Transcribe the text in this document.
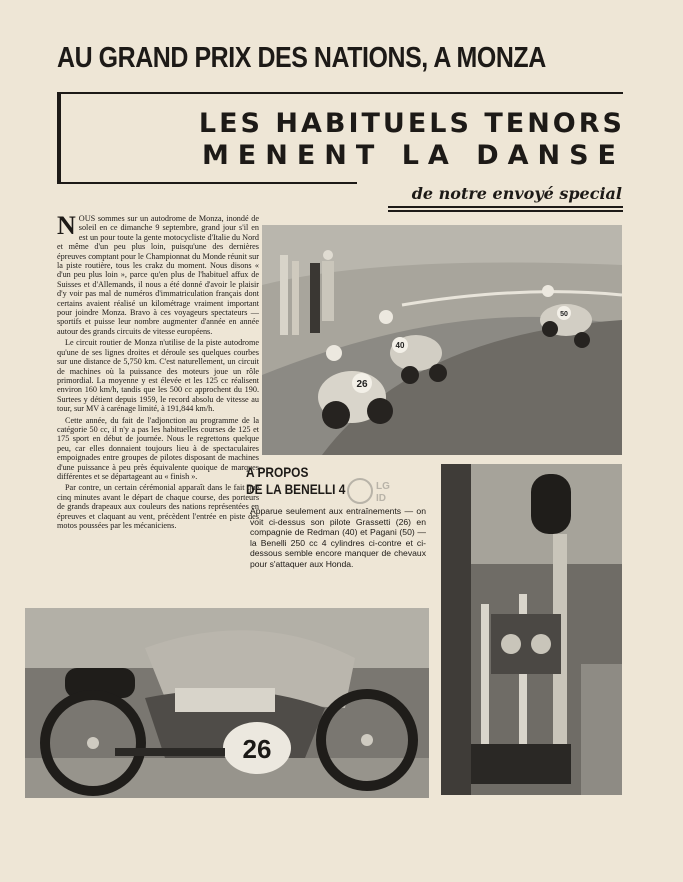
AU GRAND PRIX DES NATIONS, A MONZA
LES HABITUELS TENORS
MENENT LA DANSE
de notre envoyé special

NOUS sommes sur un autodrome de Monza, inondé de soleil en ce dimanche 9 septembre, grand jour s'il en est un pour toute la gente motocycliste d'Italie du Nord et même d'un peu plus loin, puisqu'une des dernières épreuves comptant pour le Championnat du Monde réunit sur la piste routière, tous les crakz du moment. Nous disons « d'un peu plus loin », parce qu'en plus de l'habituel affux de Suisses et d'Allemands, il nous a été donné d'avoir le plaisir d'y voir pas mal de numéros d'immatriculation français dont certains avaient réalisé un kilométrage vraiment important pour joindre Monza. Bravo à ces voyageurs spectateurs — sportifs et puisse leur nombre augmenter d'année en année autour des grands circuits de vitesse européens.

Le circuit routier de Monza n'utilise de la piste autodrome qu'une de ses lignes droites et déroule ses quelques courbes sur une distance de 5,750 km. C'est naturellement, un circuit de machines où la puissance des moteurs joue un rôle primordial. La moyenne y est élevée et les 125 cc réalisent environ 160 km/h, tandis que les 500 cc approchent du 190. Surtees y détient depuis 1959, le record absolu de vitesse au tour, sur MV à carénage limité, à 191,844 km/h.

Cette année, du fait de l'adjonction au programme de la catégorie 50 cc, il n'y a pas les habituelles courses de 125 et 175 sport en début de journée. Nous le regrettons quelque peu, car elles donnaient toujours lieu à de spectaculaires empoignades entre groupes de pilotes disposant de machines d'une puissance à peu près équivalente quoique de marques différentes et se départageant au « finish ».

Par contre, un certain cérémonial apparaît dans le fait que cinq minutes avant le départ de chaque course, des porteurs de grands drapeaux aux couleurs des nations représentées en épreuves et claquant au vent, précèdent l'entrée en piste des motos poussées par les mécaniciens.

26
40
50
A PROPOS
DE LA BENELLI 4	LG
ID
Apparue seulement aux entraînements — on voit ci-dessus son pilote Grassetti (26) en compagnie de Redman (40) et Pagani (50) — la Benelli 250 cc 4 cylindres ci-contre et ci-dessous semble encore manquer de chevaux pour s'attaquer aux Honda.
26
